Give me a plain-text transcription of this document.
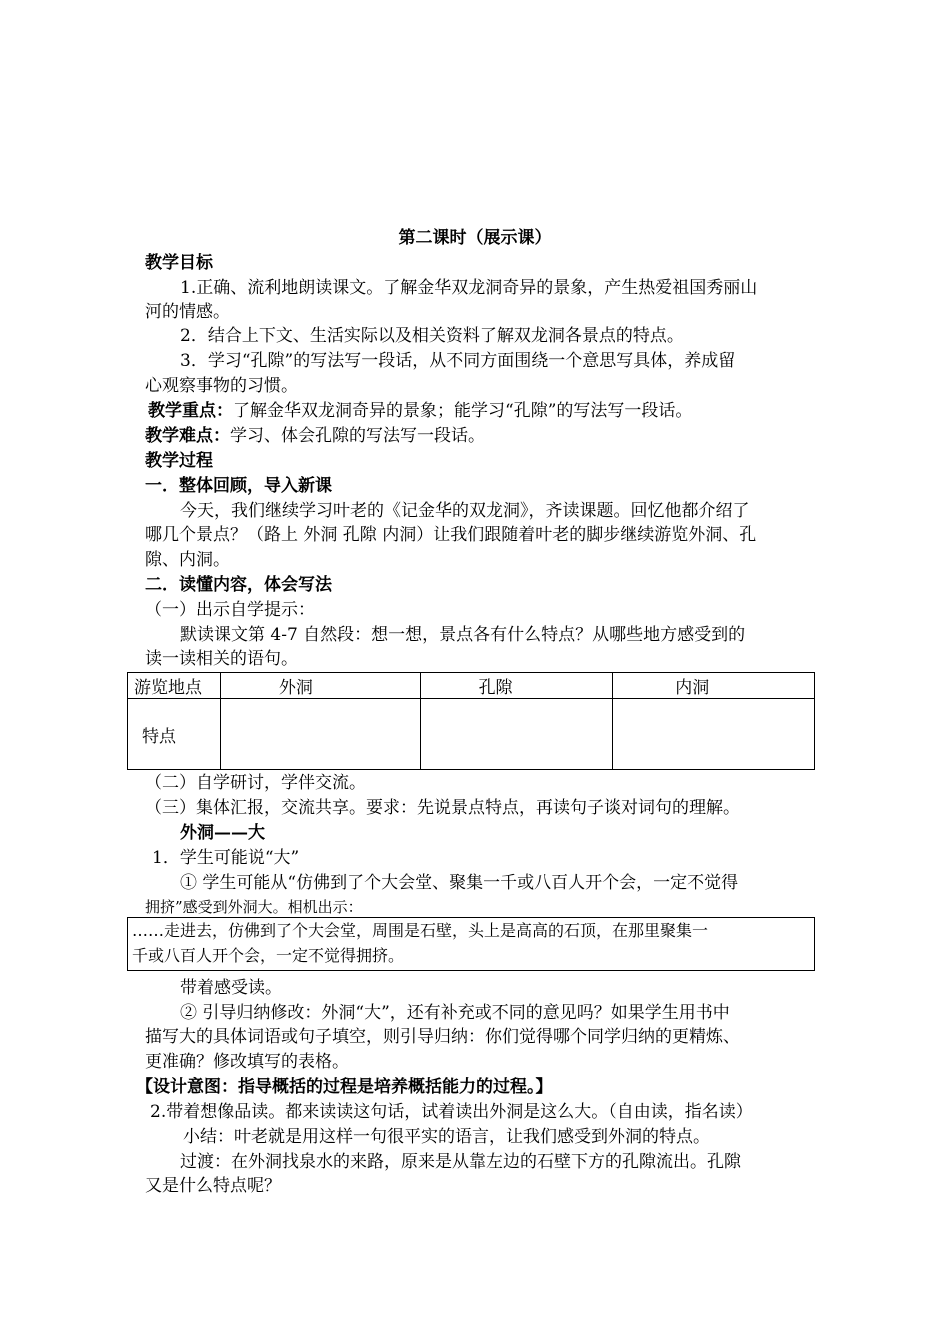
第二课时（展示课）
教学目标
1.正确、流利地朗读课文。了解金华双龙洞奇异的景象，产生热爱祖国秀丽山
河的情感。
2．结合上下文、生活实际以及相关资料了解双龙洞各景点的特点。
3．学习“孔隙”的写法写一段话，从不同方面围绕一个意思写具体，养成留
心观察事物的习惯。
教学重点：了解金华双龙洞奇异的景象；能学习“孔隙”的写法写一段话。
教学难点：学习、体会孔隙的写法写一段话。
教学过程
一．整体回顾，导入新课
今天，我们继续学习叶老的《记金华的双龙洞》，齐读课题。回忆他都介绍了
哪几个景点？（路上 外洞 孔隙 内洞）让我们跟随着叶老的脚步继续游览外洞、孔
隙、内洞。
二．读懂内容，体会写法
（一）出示自学提示：
默读课文第 4-7 自然段：想一想，景点各有什么特点？从哪些地方感受到的
读一读相关的语句。
游览地点	外洞	孔隙	内洞
特点			
（二）自学研讨，学伴交流。
（三）集体汇报，交流共享。要求：先说景点特点，再读句子谈对词句的理解。
外洞——大
1．学生可能说“大”
① 学生可能从“仿佛到了个大会堂、聚集一千或八百人开个会，一定不觉得
拥挤”感受到外洞大。相机出示：
……走进去，仿佛到了个大会堂，周围是石壁，头上是高高的石顶，在那里聚集一
千或八百人开个会，一定不觉得拥挤。
带着感受读。
② 引导归纳修改：外洞“大”，还有补充或不同的意见吗？如果学生用书中
描写大的具体词语或句子填空，则引导归纳：你们觉得哪个同学归纳的更精炼、
更准确？修改填写的表格。
【设计意图：指导概括的过程是培养概括能力的过程。】
2.带着想像品读。都来读读这句话，试着读出外洞是这么大。（自由读，指名读）
小结：叶老就是用这样一句很平实的语言，让我们感受到外洞的特点。
过渡：在外洞找泉水的来路，原来是从靠左边的石壁下方的孔隙流出。孔隙
又是什么特点呢？
